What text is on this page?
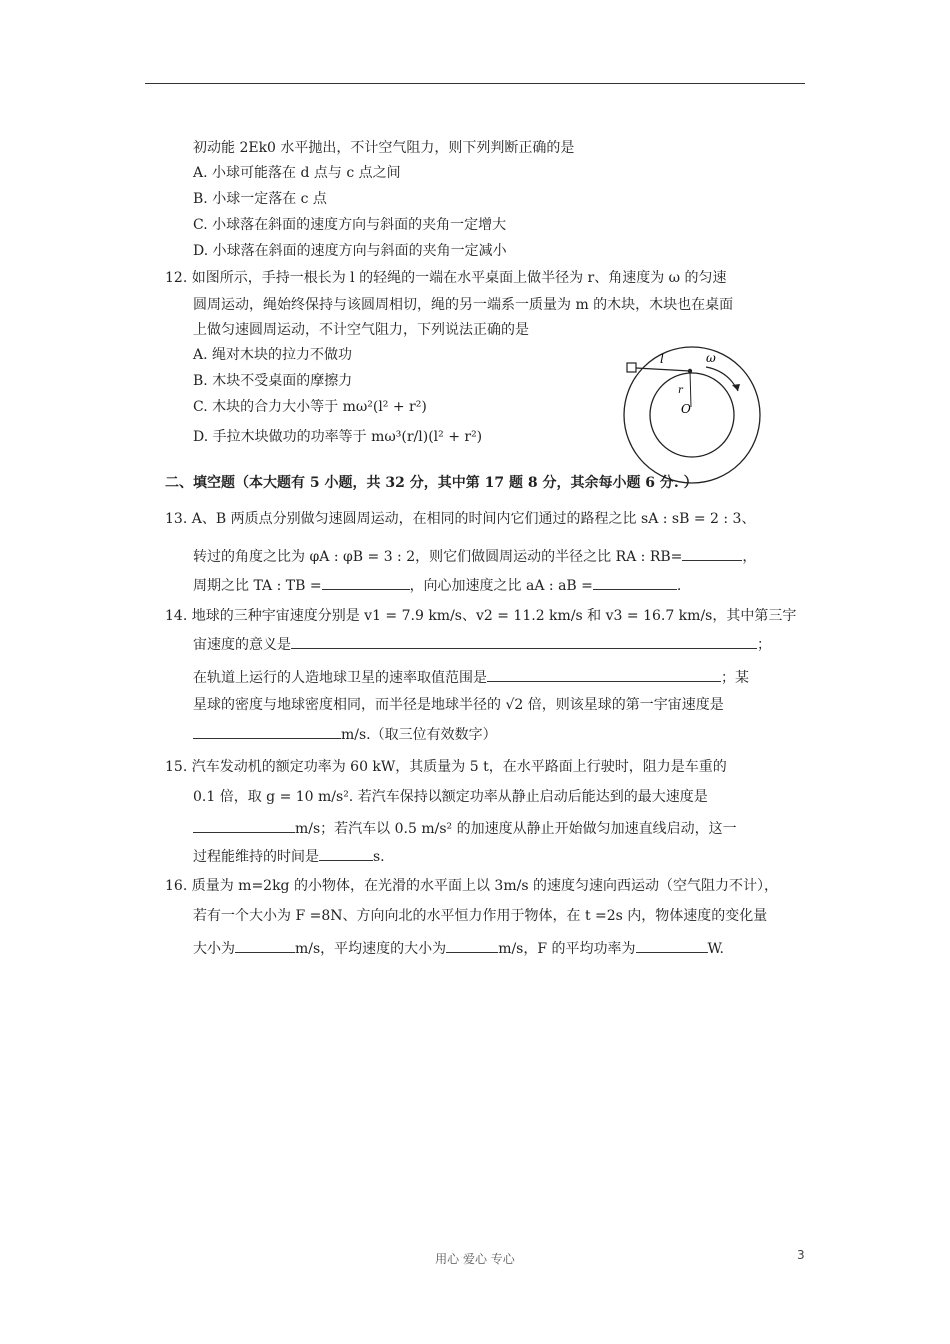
初动能 2Ek0 水平抛出，不计空气阻力，则下列判断正确的是
A. 小球可能落在 d 点与 c 点之间
B. 小球一定落在 c 点
C. 小球落在斜面的速度方向与斜面的夹角一定增大
D. 小球落在斜面的速度方向与斜面的夹角一定减小
12. 如图所示，手持一根长为 l 的轻绳的一端在水平桌面上做半径为 r、角速度为 ω 的匀速
圆周运动，绳始终保持与该圆周相切，绳的另一端系一质量为 m 的木块，木块也在桌面
上做匀速圆周运动，不计空气阻力，下列说法正确的是
A. 绳对木块的拉力不做功
B. 木块不受桌面的摩擦力
C. 木块的合力大小等于 mω²(l² + r²)
D. 手拉木块做功的功率等于 mω³(r/l)(l² + r²)
l	ω
r
O
二、填空题（本大题有 5 小题，共 32 分，其中第 17 题 8 分，其余每小题 6 分. ）
13. A、B 两质点分别做匀速圆周运动，在相同的时间内它们通过的路程之比 sA : sB = 2 : 3、
转过的角度之比为 φA : φB = 3 : 2，则它们做圆周运动的半径之比 RA : RB=	，
周期之比 TA : TB =	，向心加速度之比 aA : aB =	.
14. 地球的三种宇宙速度分别是 v1 = 7.9 km/s、v2 = 11.2 km/s 和 v3 = 16.7 km/s，其中第三宇
宙速度的意义是	；
在轨道上运行的人造地球卫星的速率取值范围是	；某
星球的密度与地球密度相同，而半径是地球半径的 √2 倍，则该星球的第一宇宙速度是
m/s.（取三位有效数字）
15. 汽车发动机的额定功率为 60 kW，其质量为 5 t，在水平路面上行驶时，阻力是车重的
0.1 倍，取 g = 10 m/s². 若汽车保持以额定功率从静止启动后能达到的最大速度是
m/s；若汽车以 0.5 m/s² 的加速度从静止开始做匀加速直线启动，这一
过程能维持的时间是	s.
16. 质量为 m=2kg 的小物体，在光滑的水平面上以 3m/s 的速度匀速向西运动（空气阻力不计），
若有一个大小为 F =8N、方向向北的水平恒力作用于物体，在 t =2s 内，物体速度的变化量
大小为	m/s，平均速度的大小为	m/s，F 的平均功率为	W.
用心 爱心 专心	3
